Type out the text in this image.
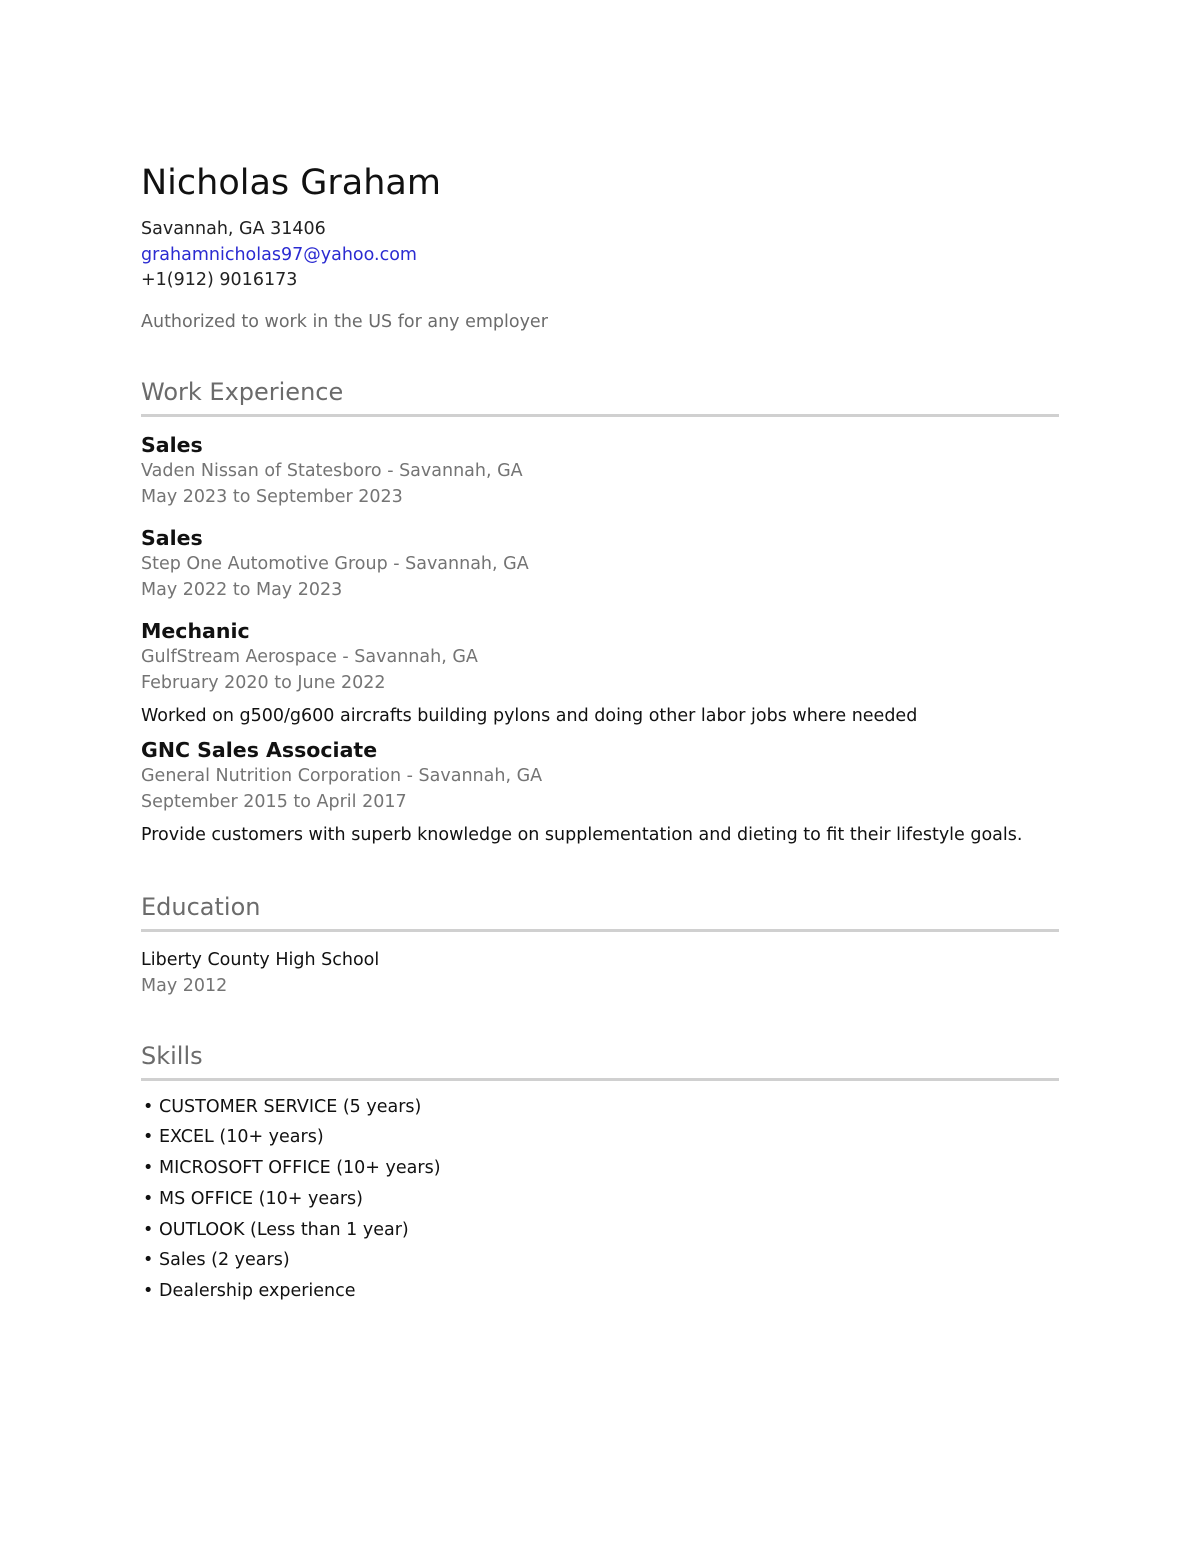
Nicholas Graham
Savannah, GA 31406
grahamnicholas97@yahoo.com
+1(912) 9016173
Authorized to work in the US for any employer
Work Experience
Sales
Vaden Nissan of Statesboro - Savannah, GA
May 2023 to September 2023
Sales
Step One Automotive Group - Savannah, GA
May 2022 to May 2023
Mechanic
GulfStream Aerospace - Savannah, GA
February 2020 to June 2022
Worked on g500/g600 aircrafts building pylons and doing other labor jobs where needed
GNC Sales Associate
General Nutrition Corporation - Savannah, GA
September 2015 to April 2017
Provide customers with superb knowledge on supplementation and dieting to fit their lifestyle goals.
Education
Liberty County High School
May 2012
Skills
• CUSTOMER SERVICE (5 years)
• EXCEL (10+ years)
• MICROSOFT OFFICE (10+ years)
• MS OFFICE (10+ years)
• OUTLOOK (Less than 1 year)
• Sales (2 years)
• Dealership experience
